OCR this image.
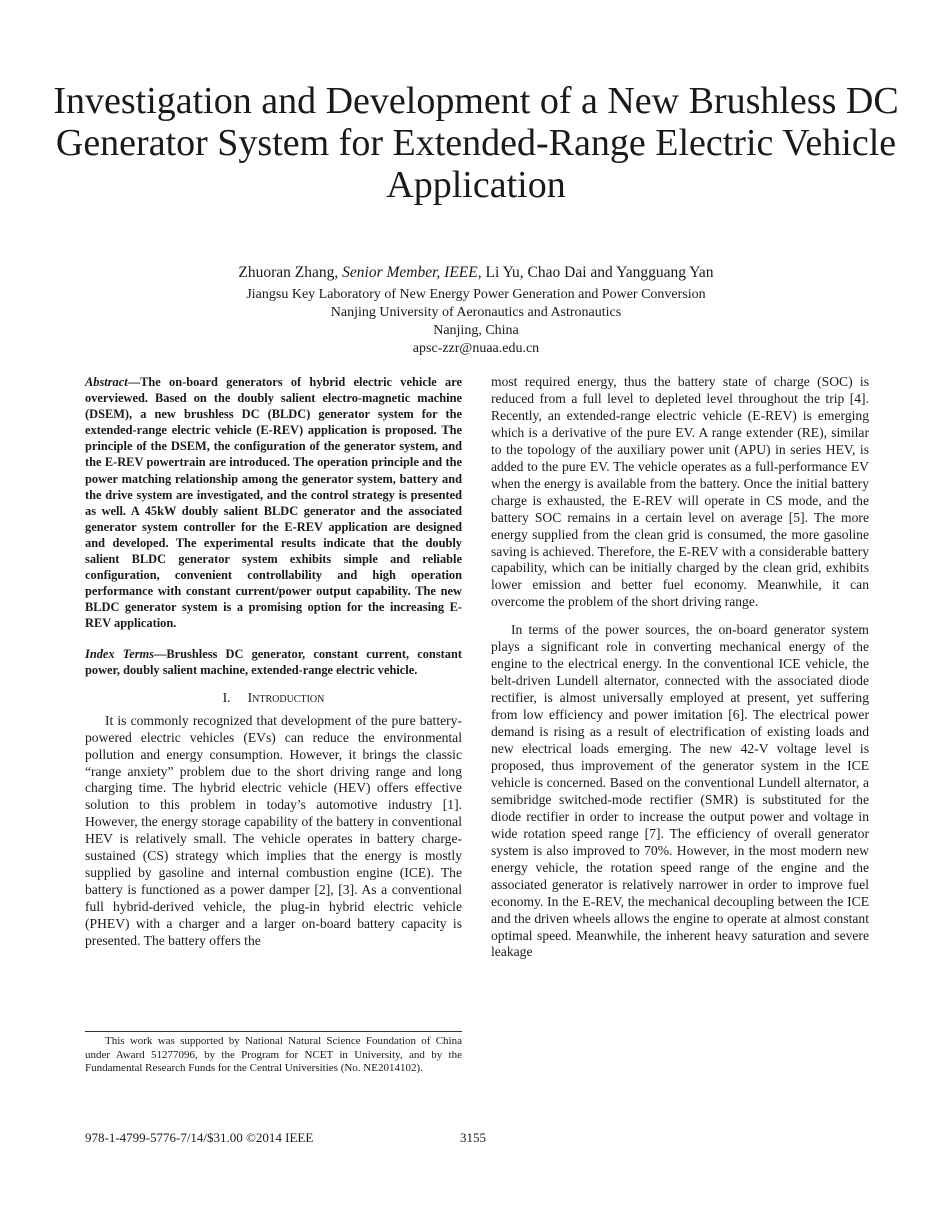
Investigation and Development of a New Brushless DC Generator System for Extended-Range Electric Vehicle Application
Zhuoran Zhang, Senior Member, IEEE, Li Yu, Chao Dai and Yangguang Yan
Jiangsu Key Laboratory of New Energy Power Generation and Power Conversion
Nanjing University of Aeronautics and Astronautics
Nanjing, China
apsc-zzr@nuaa.edu.cn

Abstract—The on-board generators of hybrid electric vehicle are overviewed. Based on the doubly salient electro-magnetic machine (DSEM), a new brushless DC (BLDC) generator system for the extended-range electric vehicle (E-REV) application is proposed. The principle of the DSEM, the configuration of the generator system, and the E-REV powertrain are introduced. The operation principle and the power matching relationship among the generator system, battery and the drive system are investigated, and the control strategy is presented as well. A 45kW doubly salient BLDC generator and the associated generator system controller for the E-REV application are designed and developed. The experimental results indicate that the doubly salient BLDC generator system exhibits simple and reliable configuration, convenient controllability and high operation performance with constant current/power output capability. The new BLDC generator system is a promising option for the increasing E-REV application.

Index Terms—Brushless DC generator, constant current, constant power, doubly salient machine, extended-range electric vehicle.

I. Introduction

It is commonly recognized that development of the pure battery-powered electric vehicles (EVs) can reduce the environmental pollution and energy consumption. However, it brings the classic “range anxiety” problem due to the short driving range and long charging time. The hybrid electric vehicle (HEV) offers effective solution to this problem in today’s automotive industry [1]. However, the energy storage capability of the battery in conventional HEV is relatively small. The vehicle operates in battery charge-sustained (CS) strategy which implies that the energy is mostly supplied by gasoline and internal combustion engine (ICE). The battery is functioned as a power damper [2], [3]. As a conventional full hybrid-derived vehicle, the plug-in hybrid electric vehicle (PHEV) with a charger and a larger on-board battery capacity is presented. The battery offers the

most required energy, thus the battery state of charge (SOC) is reduced from a full level to depleted level throughout the trip [4]. Recently, an extended-range electric vehicle (E-REV) is emerging which is a derivative of the pure EV. A range extender (RE), similar to the topology of the auxiliary power unit (APU) in series HEV, is added to the pure EV. The vehicle operates as a full-performance EV when the energy is available from the battery. Once the initial battery charge is exhausted, the E-REV will operate in CS mode, and the battery SOC remains in a certain level on average [5]. The more energy supplied from the clean grid is consumed, the more gasoline saving is achieved. Therefore, the E-REV with a considerable battery capability, which can be initially charged by the clean grid, exhibits lower emission and better fuel economy. Meanwhile, it can overcome the problem of the short driving range.

In terms of the power sources, the on-board generator system plays a significant role in converting mechanical energy of the engine to the electrical energy. In the conventional ICE vehicle, the belt-driven Lundell alternator, connected with the associated diode rectifier, is almost universally employed at present, yet suffering from low efficiency and power imitation [6]. The electrical power demand is rising as a result of electrification of existing loads and new electrical loads emerging. The new 42-V voltage level is proposed, thus improvement of the generator system in the ICE vehicle is concerned. Based on the conventional Lundell alternator, a semibridge switched-mode rectifier (SMR) is substituted for the diode rectifier in order to increase the output power and voltage in wide rotation speed range [7]. The efficiency of overall generator system is also improved to 70%. However, in the most modern new energy vehicle, the rotation speed range of the engine and the associated generator is relatively narrower in order to improve fuel economy. In the E-REV, the mechanical decoupling between the ICE and the driven wheels allows the engine to operate at almost constant optimal speed. Meanwhile, the inherent heavy saturation and severe leakage

This work was supported by National Natural Science Foundation of China under Award 51277096, by the Program for NCET in University, and by the Fundamental Research Funds for the Central Universities (No. NE2014102).
978-1-4799-5776-7/14/$31.00 ©2014 IEEE	3155
